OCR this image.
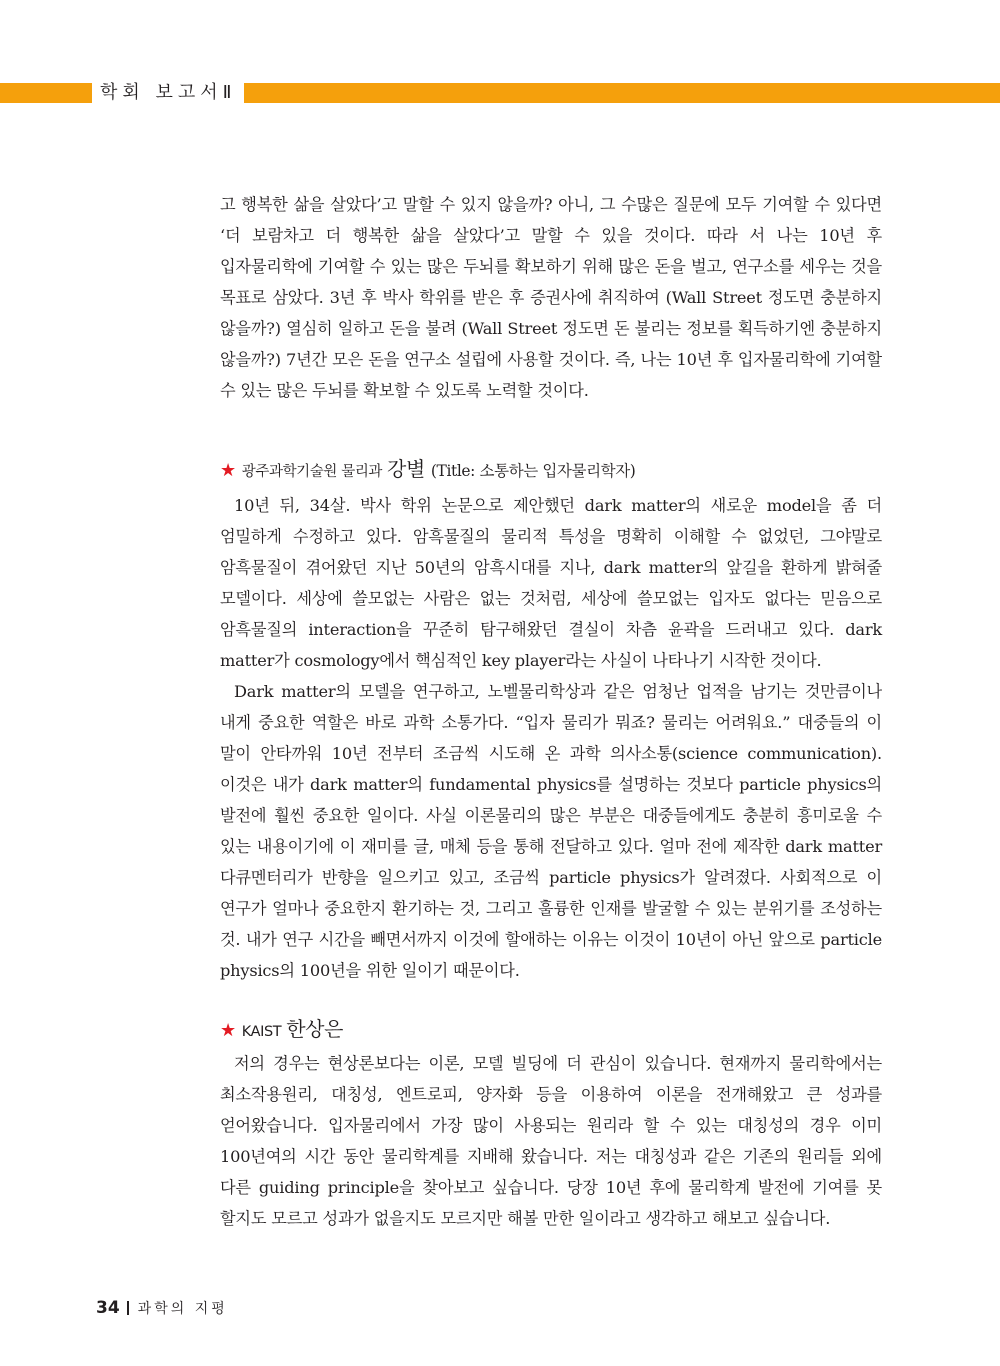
학회 보고서Ⅱ

고 행복한 삶을 살았다’고 말할 수 있지 않을까? 아니, 그 수많은 질문에 모두 기여할 수 있다면 ‘더 보람차고 더 행복한 삶을 살았다’고 말할 수 있을 것이다. 따라 서 나는 10년 후 입자물리학에 기여할 수 있는 많은 두뇌를 확보하기 위해 많은 돈을 벌고, 연구소를 세우는 것을 목표로 삼았다. 3년 후 박사 학위를 받은 후 증권사에 취직하여 (Wall Street 정도면 충분하지 않을까?) 열심히 일하고 돈을 불려 (Wall Street 정도면 돈 불리는 정보를 획득하기엔 충분하지 않을까?) 7년간 모은 돈을 연구소 설립에 사용할 것이다. 즉, 나는 10년 후 입자물리학에 기여할 수 있는 많은 두뇌를 확보할 수 있도록 노력할 것이다.

★ 광주과학기술원 물리과 강별 (Title: 소통하는 입자물리학자)

10년 뒤, 34살. 박사 학위 논문으로 제안했던 dark matter의 새로운 model을 좀 더 엄밀하게 수정하고 있다. 암흑물질의 물리적 특성을 명확히 이해할 수 없었던, 그야말로 암흑물질이 겪어왔던 지난 50년의 암흑시대를 지나, dark matter의 앞길을 환하게 밝혀줄 모델이다. 세상에 쓸모없는 사람은 없는 것처럼, 세상에 쓸모없는 입자도 없다는 믿음으로 암흑물질의 interaction을 꾸준히 탐구해왔던 결실이 차츰 윤곽을 드러내고 있다. dark matter가 cosmology에서 핵심적인 key player라는 사실이 나타나기 시작한 것이다.

Dark matter의 모델을 연구하고, 노벨물리학상과 같은 엄청난 업적을 남기는 것만큼이나 내게 중요한 역할은 바로 과학 소통가다. “입자 물리가 뭐죠? 물리는 어려워요.” 대중들의 이 말이 안타까워 10년 전부터 조금씩 시도해 온 과학 의사소통(science communication). 이것은 내가 dark matter의 fundamental physics를 설명하는 것보다 particle physics의 발전에 훨씬 중요한 일이다. 사실 이론물리의 많은 부분은 대중들에게도 충분히 흥미로울 수 있는 내용이기에 이 재미를 글, 매체 등을 통해 전달하고 있다. 얼마 전에 제작한 dark matter 다큐멘터리가 반향을 일으키고 있고, 조금씩 particle physics가 알려졌다. 사회적으로 이 연구가 얼마나 중요한지 환기하는 것, 그리고 훌륭한 인재를 발굴할 수 있는 분위기를 조성하는 것. 내가 연구 시간을 빼면서까지 이것에 할애하는 이유는 이것이 10년이 아닌 앞으로 particle physics의 100년을 위한 일이기 때문이다.

★ KAIST 한상은

저의 경우는 현상론보다는 이론, 모델 빌딩에 더 관심이 있습니다. 현재까지 물리학에서는 최소작용원리, 대칭성, 엔트로피, 양자화 등을 이용하여 이론을 전개해왔고 큰 성과를 얻어왔습니다. 입자물리에서 가장 많이 사용되는 원리라 할 수 있는 대칭성의 경우 이미 100년여의 시간 동안 물리학계를 지배해 왔습니다. 저는 대칭성과 같은 기존의 원리들 외에 다른 guiding principle을 찾아보고 싶습니다. 당장 10년 후에 물리학계 발전에 기여를 못 할지도 모르고 성과가 없을지도 모르지만 해볼 만한 일이라고 생각하고 해보고 싶습니다.

34 과학의 지평
